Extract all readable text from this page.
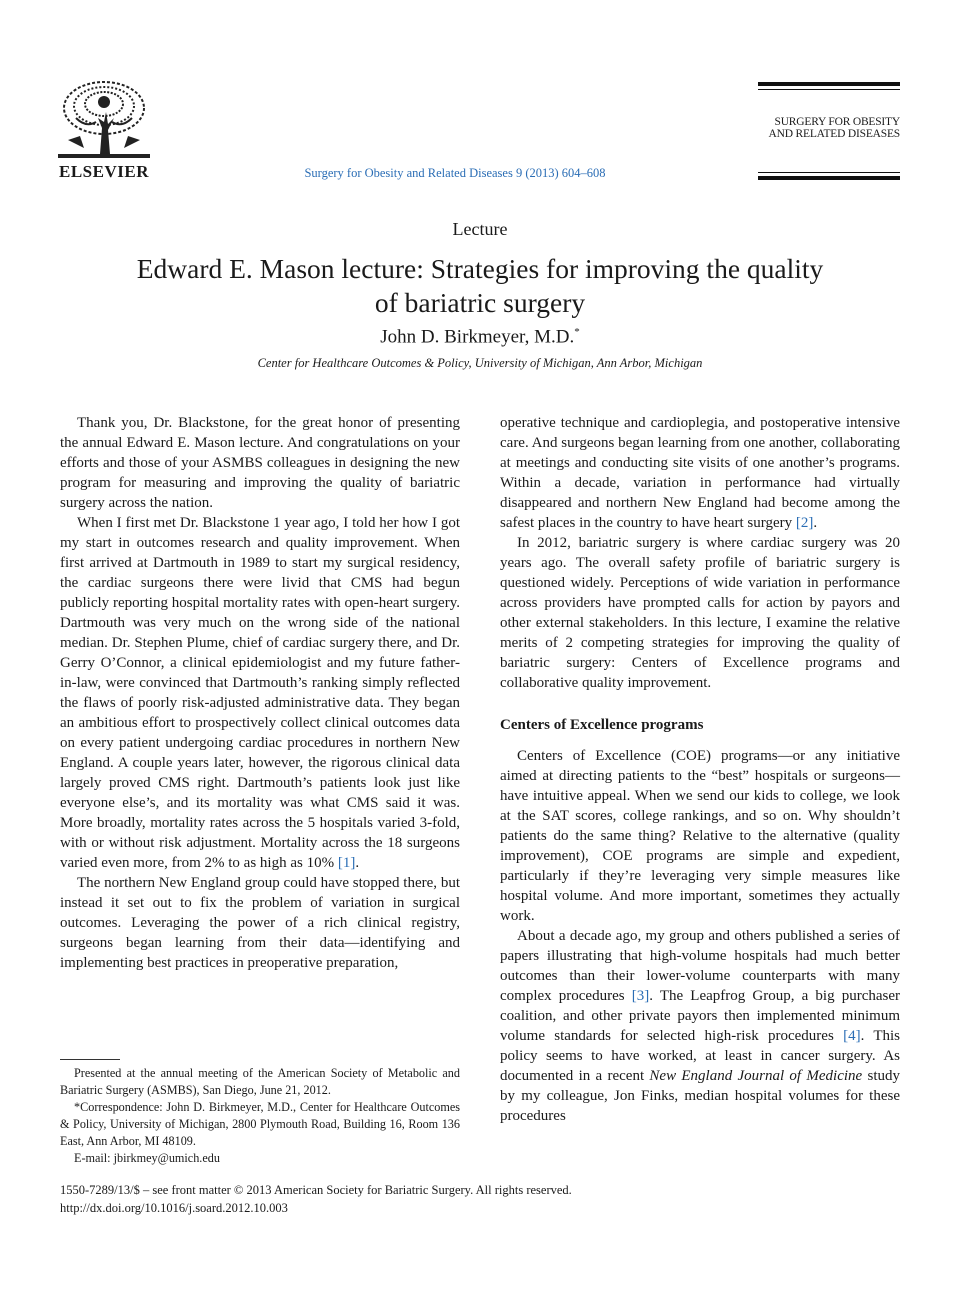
ELSEVIER	Surgery for Obesity and Related Diseases 9 (2013) 604–608
SURGERY FOR OBESITY
AND RELATED DISEASES
Lecture
Edward E. Mason lecture: Strategies for improving the quality of bariatric surgery
John D. Birkmeyer, M.D.*
Center for Healthcare Outcomes & Policy, University of Michigan, Ann Arbor, Michigan

Thank you, Dr. Blackstone, for the great honor of presenting the annual Edward E. Mason lecture. And congratulations on your efforts and those of your ASMBS colleagues in designing the new program for measuring and improving the quality of bariatric surgery across the nation.

When I first met Dr. Blackstone 1 year ago, I told her how I got my start in outcomes research and quality improvement. When first arrived at Dartmouth in 1989 to start my surgical residency, the cardiac surgeons there were livid that CMS had begun publicly reporting hospital mortality rates with open-heart surgery. Dartmouth was very much on the wrong side of the national median. Dr. Stephen Plume, chief of cardiac surgery there, and Dr. Gerry O’Connor, a clinical epidemiologist and my future father-in-law, were convinced that Dartmouth’s ranking simply reflected the flaws of poorly risk-adjusted administrative data. They began an ambitious effort to prospectively collect clinical outcomes data on every patient undergoing cardiac procedures in northern New England. A couple years later, however, the rigorous clinical data largely proved CMS right. Dartmouth’s patients look just like everyone else’s, and its mortality was what CMS said it was. More broadly, mortality rates across the 5 hospitals varied 3-fold, with or without risk adjustment. Mortality across the 18 surgeons varied even more, from 2% to as high as 10% [1].

The northern New England group could have stopped there, but instead it set out to fix the problem of variation in surgical outcomes. Leveraging the power of a rich clinical registry, surgeons began learning from their data—identifying and implementing best practices in preoperative preparation,

operative technique and cardioplegia, and postoperative intensive care. And surgeons began learning from one another, collaborating at meetings and conducting site visits of one another’s programs. Within a decade, variation in performance had virtually disappeared and northern New England had become among the safest places in the country to have heart surgery [2].

In 2012, bariatric surgery is where cardiac surgery was 20 years ago. The overall safety profile of bariatric surgery is questioned widely. Perceptions of wide variation in performance across providers have prompted calls for action by payors and other external stakeholders. In this lecture, I examine the relative merits of 2 competing strategies for improving the quality of bariatric surgery: Centers of Excellence programs and collaborative quality improvement.

Centers of Excellence programs

Centers of Excellence (COE) programs—or any initiative aimed at directing patients to the “best” hospitals or surgeons—have intuitive appeal. When we send our kids to college, we look at the SAT scores, college rankings, and so on. Why shouldn’t patients do the same thing? Relative to the alternative (quality improvement), COE programs are simple and expedient, particularly if they’re leveraging very simple measures like hospital volume. And more important, sometimes they actually work.

About a decade ago, my group and others published a series of papers illustrating that high-volume hospitals had much better outcomes than their lower-volume counterparts with many complex procedures [3]. The Leapfrog Group, a big purchaser coalition, and other private payors then implemented minimum volume standards for selected high-risk procedures [4]. This policy seems to have worked, at least in cancer surgery. As documented in a recent New England Journal of Medicine study by my colleague, Jon Finks, median hospital volumes for these procedures

Presented at the annual meeting of the American Society of Metabolic and Bariatric Surgery (ASMBS), San Diego, June 21, 2012.

*Correspondence: John D. Birkmeyer, M.D., Center for Healthcare Outcomes & Policy, University of Michigan, 2800 Plymouth Road, Building 16, Room 136 East, Ann Arbor, MI 48109.

E-mail: jbirkmey@umich.edu

1550-7289/13/$ – see front matter © 2013 American Society for Bariatric Surgery. All rights reserved.
http://dx.doi.org/10.1016/j.soard.2012.10.003
